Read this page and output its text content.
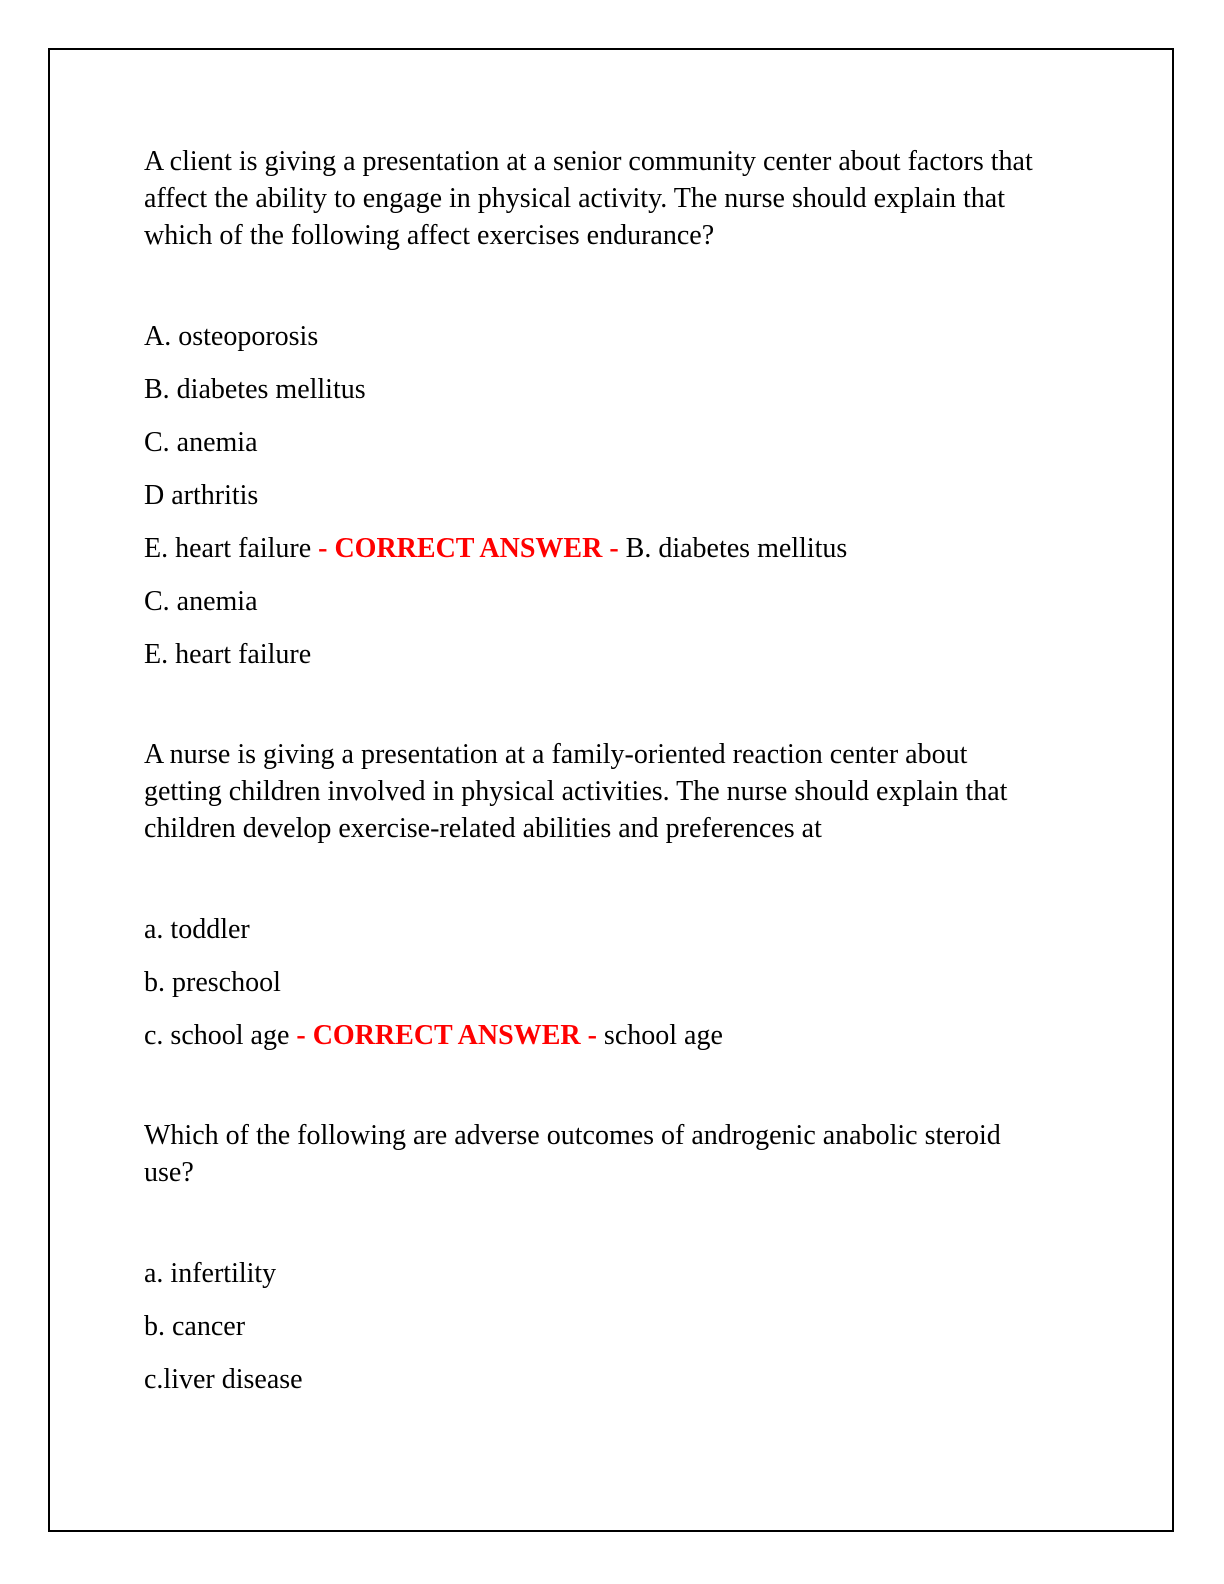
A client is giving a presentation at a senior community center about factors that affect the ability to engage in physical activity. The nurse should explain that which of the following affect exercises endurance?

A. osteoporosis

B. diabetes mellitus

C. anemia

D arthritis

E. heart failure - CORRECT ANSWER - B. diabetes mellitus

C. anemia

E. heart failure

A nurse is giving a presentation at a family-oriented reaction center about getting children involved in physical activities. The nurse should explain that children develop exercise-related abilities and preferences at

a. toddler

b. preschool

c. school age - CORRECT ANSWER - school age

Which of the following are adverse outcomes of androgenic anabolic steroid use?

a. infertility

b. cancer

c.liver disease
